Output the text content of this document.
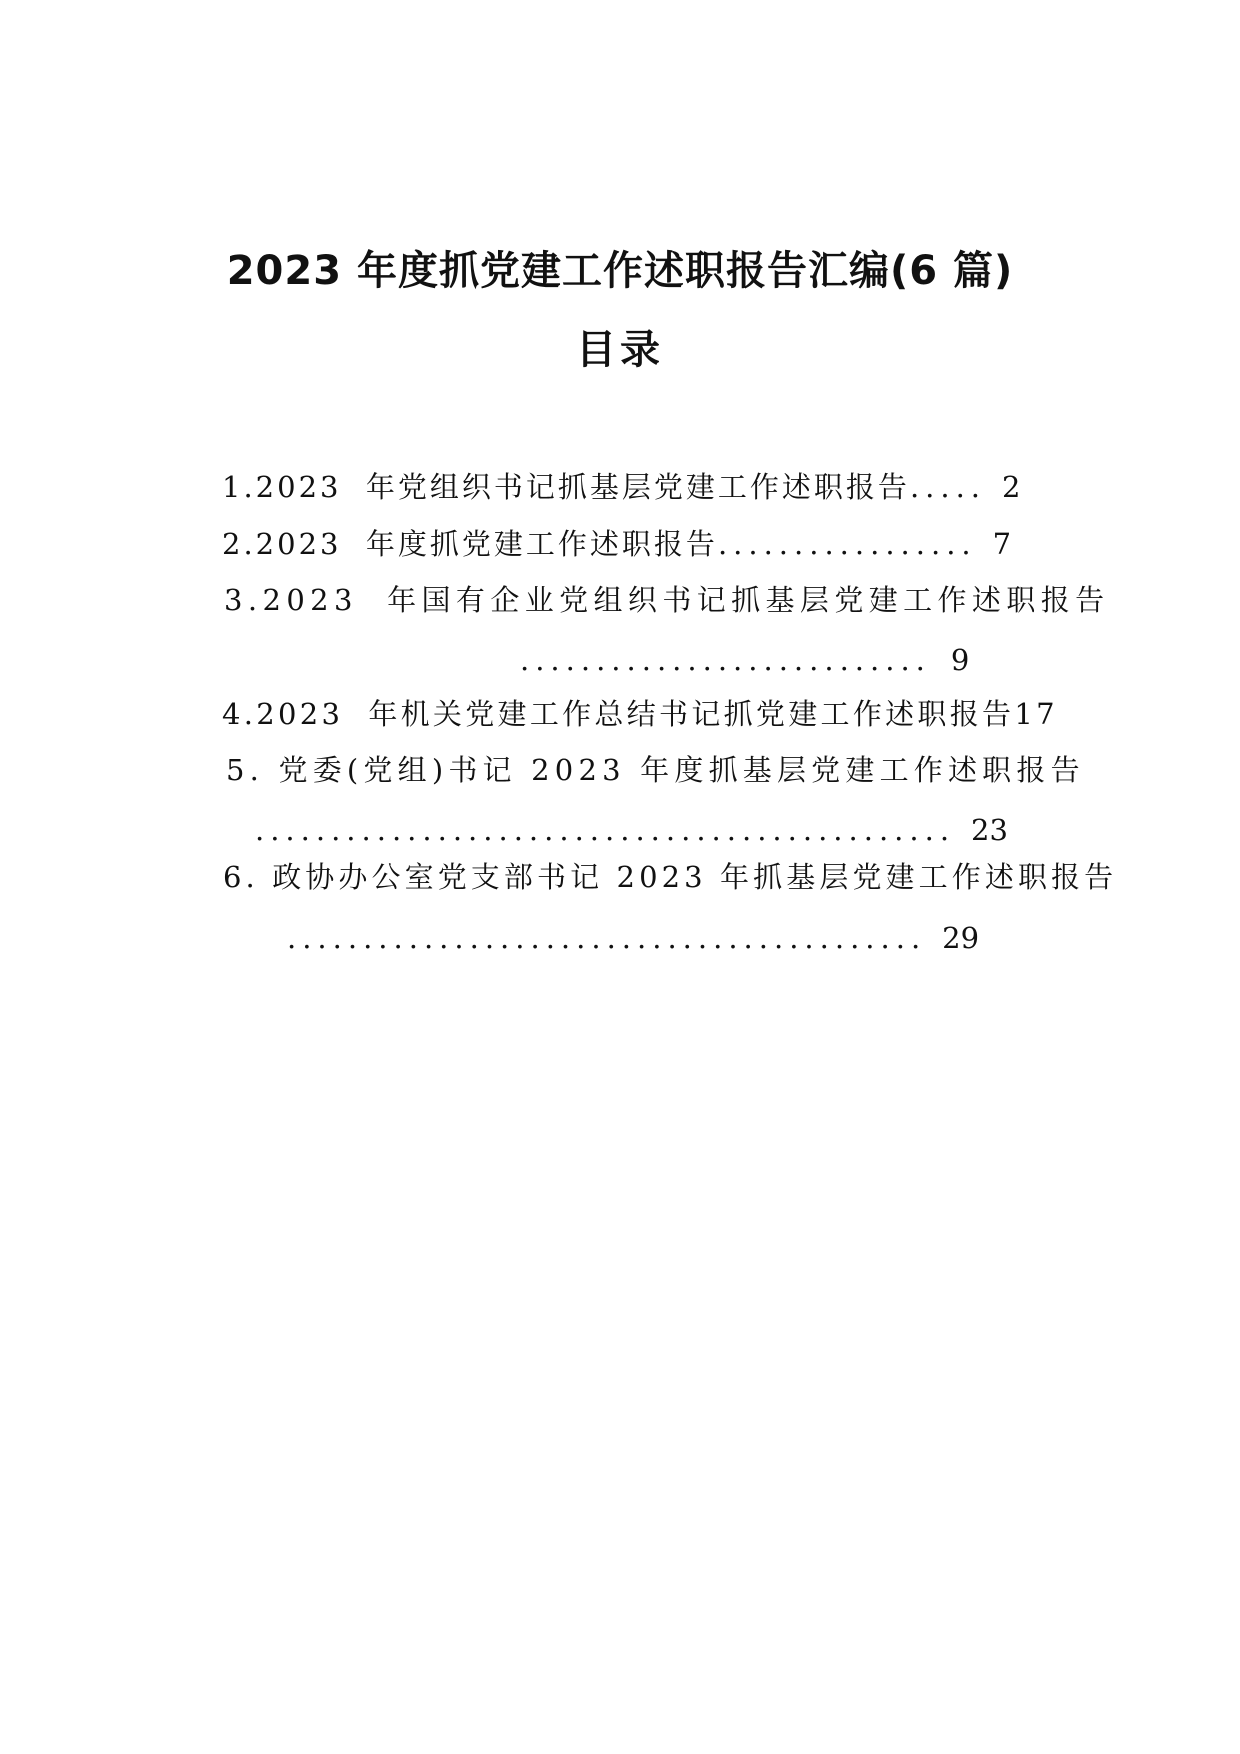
2023 年度抓党建工作述职报告汇编(6 篇)
目录

1.2023 年党组织书记抓基层党建工作述职报告..... 2

2.2023 年度抓党建工作述职报告................. 7

3.2023 年国有企业党组织书记抓基层党建工作述职报告

........................... 9

4.2023 年机关党建工作总结书记抓党建工作述职报告17

5. 党委(党组)书记 2023 年度抓基层党建工作述职报告

.............................................. 23

6. 政协办公室党支部书记 2023 年抓基层党建工作述职报告

.......................................... 29
